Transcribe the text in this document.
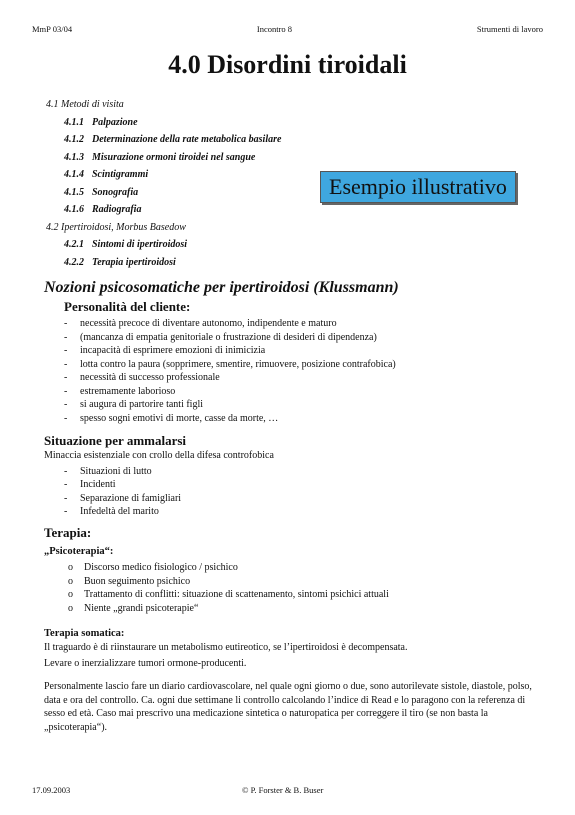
MmP 03/04	Incontro 8	Strumenti di lavoro
4.0 Disordini tiroidali
4.1 Metodi di visita
4.1.1 Palpazione
4.1.2 Determinazione della rate metabolica basilare
4.1.3 Misurazione ormoni tiroidei nel sangue
4.1.4 Scintigrammi
4.1.5 Sonografia
4.1.6 Radiografia
4.2 Ipertiroidosi, Morbus Basedow
4.2.1 Sintomi di ipertiroidosi
4.2.2 Terapia ipertiroidosi
Esempio illustrativo
Nozioni psicosomatiche per ipertiroidosi (Klussmann)

Personalità del cliente:

- necessità precoce di diventare autonomo, indipendente e maturo
- (mancanza di empatia genitoriale o frustrazione di desideri di dipendenza)
- incapacità di esprimere emozioni di inimicizia
- lotta contro la paura (sopprimere, smentire, rimuovere, posizione contrafobica)
- necessità di successo professionale
- estremamente laborioso
- si augura di partorire tanti figli
- spesso sogni emotivi di morte, casse da morte, …

Situazione per ammalarsi

Minaccia esistenziale con crollo della difesa controfobica

- Situazioni di lutto
- Incidenti
- Separazione di famigliari
- Infedeltà del marito

Terapia:

„Psicoterapia“:

o Discorso medico fisiologico / psichico
o Buon seguimento psichico
o Trattamento di conflitti: situazione di scattenamento, sintomi psichici attuali
o Niente „grandi psicoterapie“

Terapia somatica:

Il traguardo è di riinstaurare un metabolismo eutireotico, se l’ipertiroidosi è decompensata.

Levare o inerzializzare tumori ormone-producenti.

Personalmente lascio fare un diario cardiovascolare, nel quale ogni giorno o due, sono autorilevate sistole, diastole, polso, data e ora del controllo. Ca. ogni due settimane li controllo calcolando l’indice di Read e lo paragono con la referenza di sesso ed età. Caso mai prescrivo una medicazione sintetica o naturopatica per correggere il tiro (se non basta la „psicoterapia“).

17.09.2003	© P. Forster & B. Buser
